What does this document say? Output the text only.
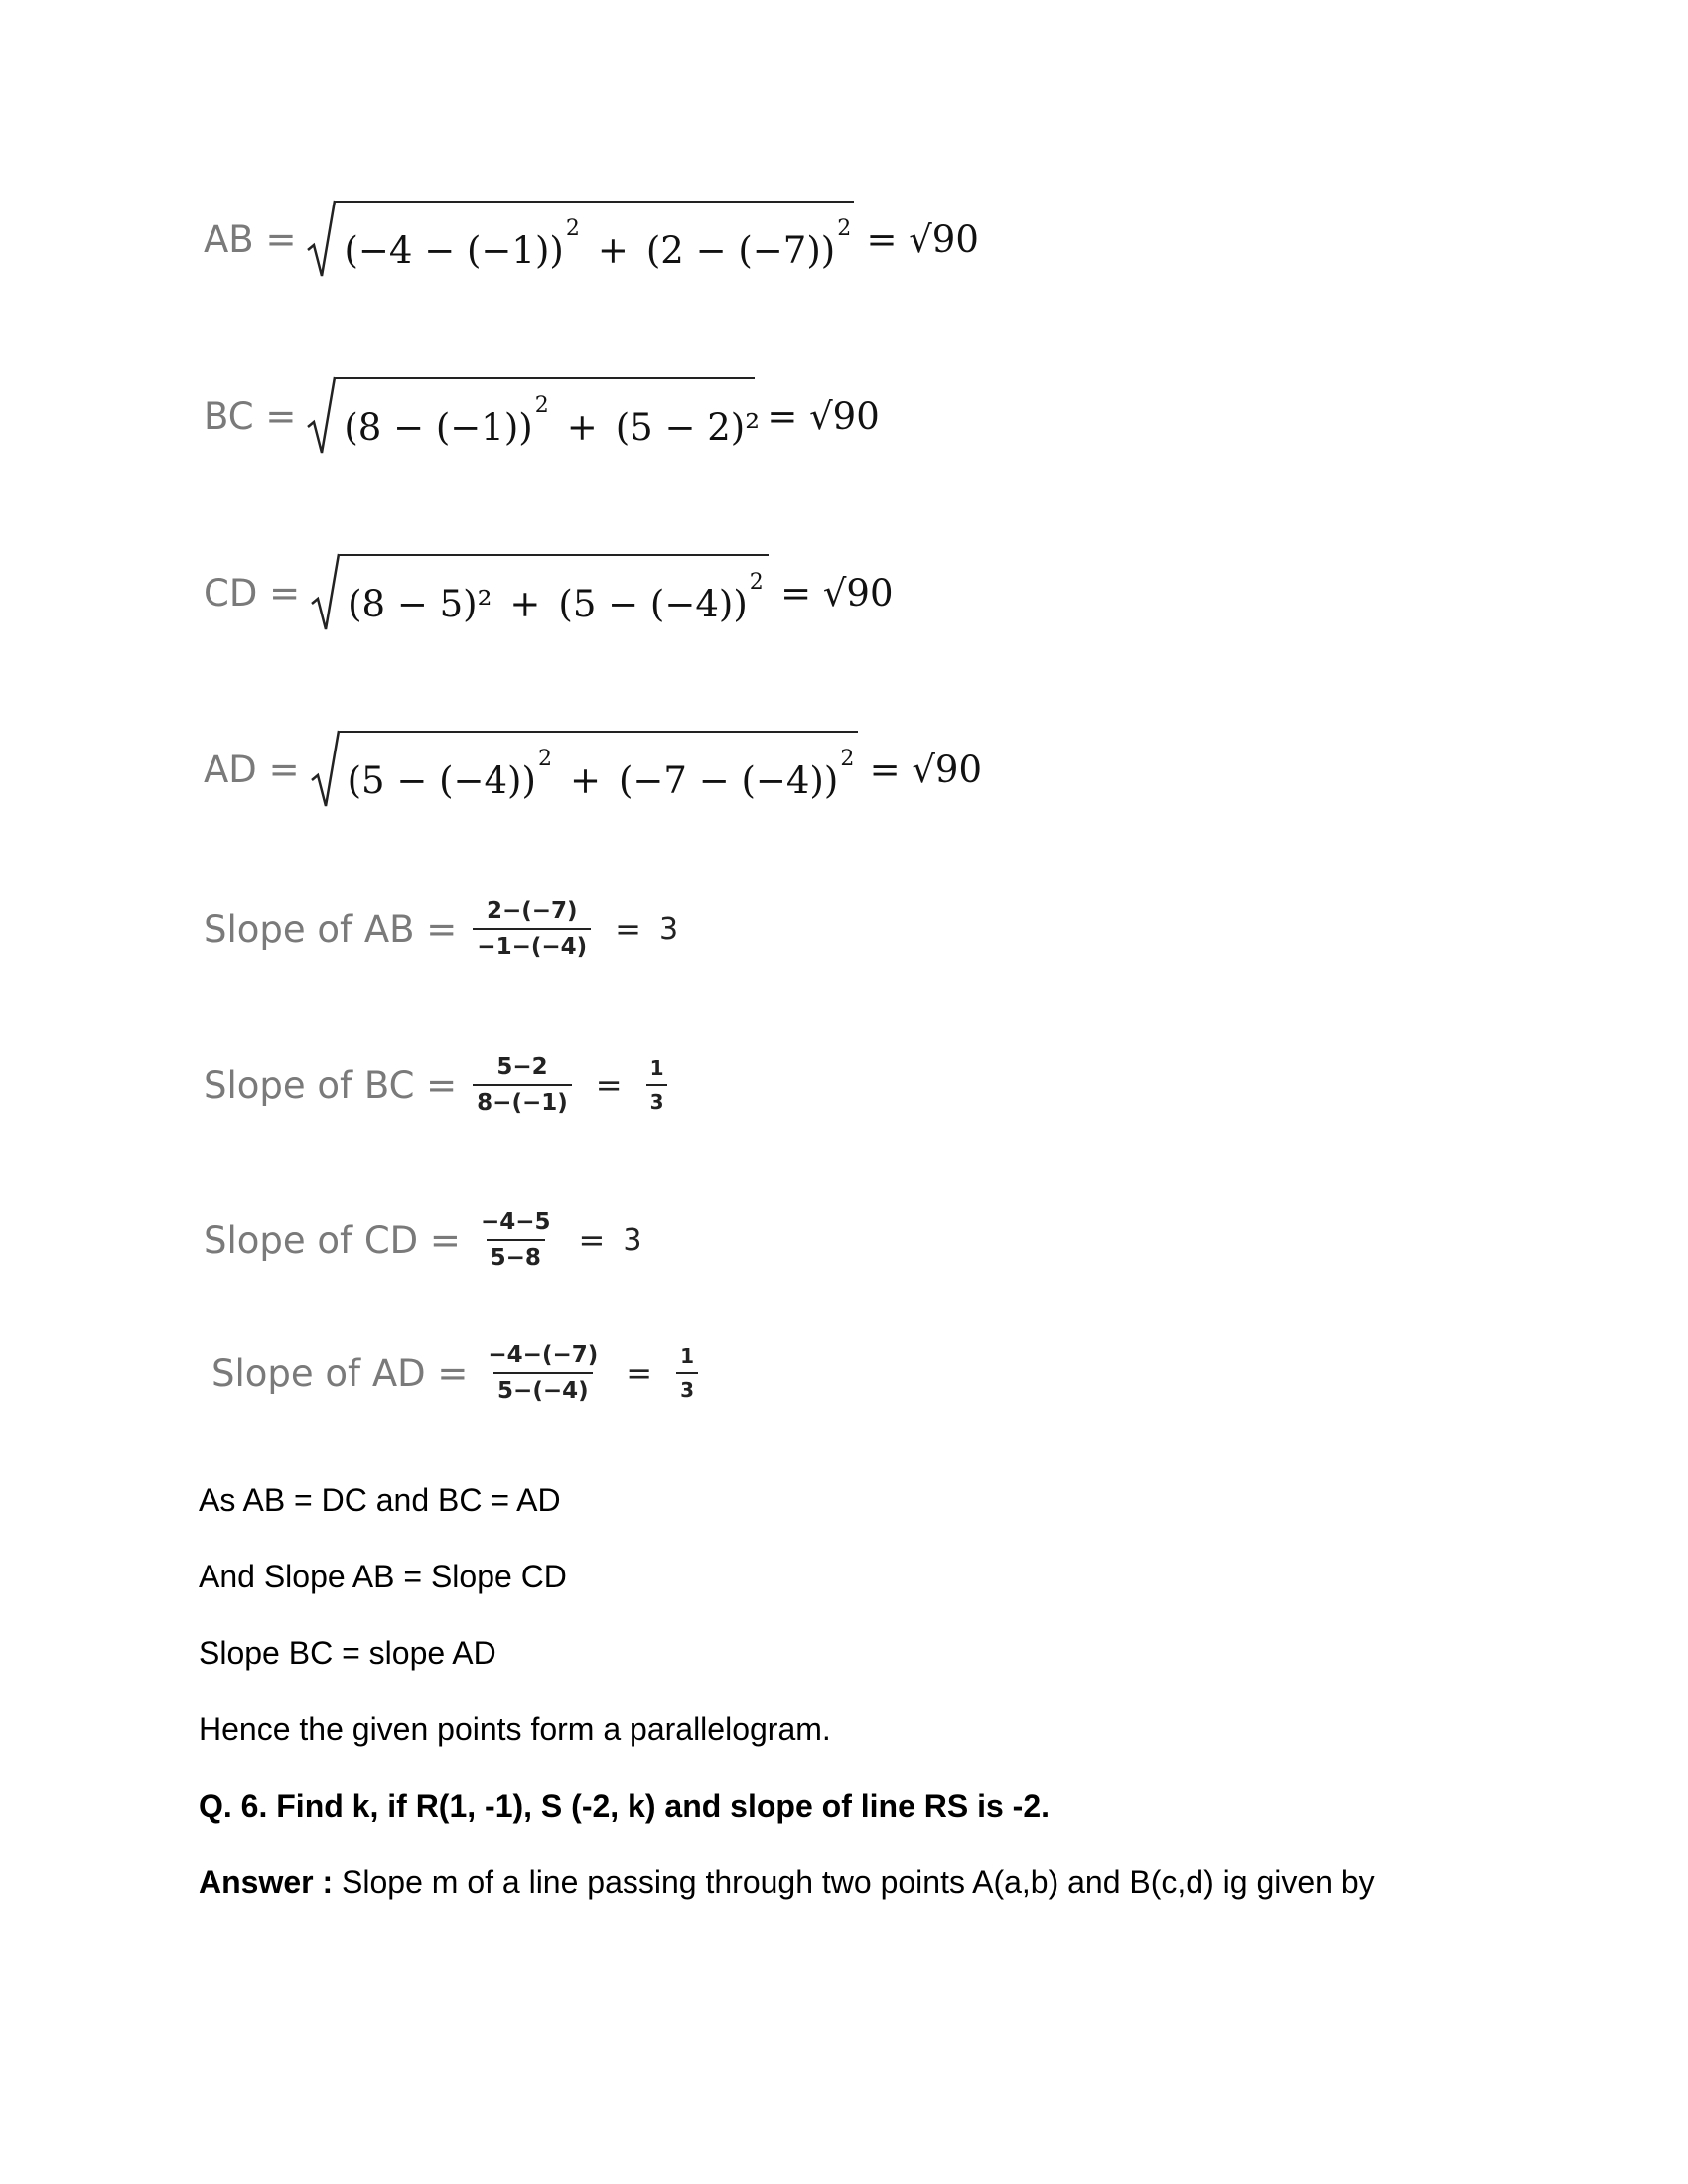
AB = (−4 − (−1))
2
+ (2 − (−7))
2 = √90
BC = (8 − (−1))
2
+ (5 − 2)² = √90
CD = (8 − 5)² + (5 − (−4))
2 = √90
AD = (5 − (−4))
2
+ (−7 − (−4))
2 = √90
Slope of AB = $\frac{2-(-7)}{-1-(-4)} = 3$
Slope of BC = $\frac{5-2}{8-(-1)} = \frac{1}{3}$
Slope of CD = $\frac{-4-5}{5-8} = 3$
Slope of AD = $\frac{-4-(-7)}{5-(-4)} = \frac{1}{3}$
As AB = DC and BC = AD
And Slope AB = Slope CD
Slope BC = slope AD
Hence the given points form a parallelogram.
Q. 6. Find k, if R(1, -1), S (-2, k) and slope of line RS is -2.
Answer : Slope m of a line passing through two points A(a,b) and B(c,d) ig given by
